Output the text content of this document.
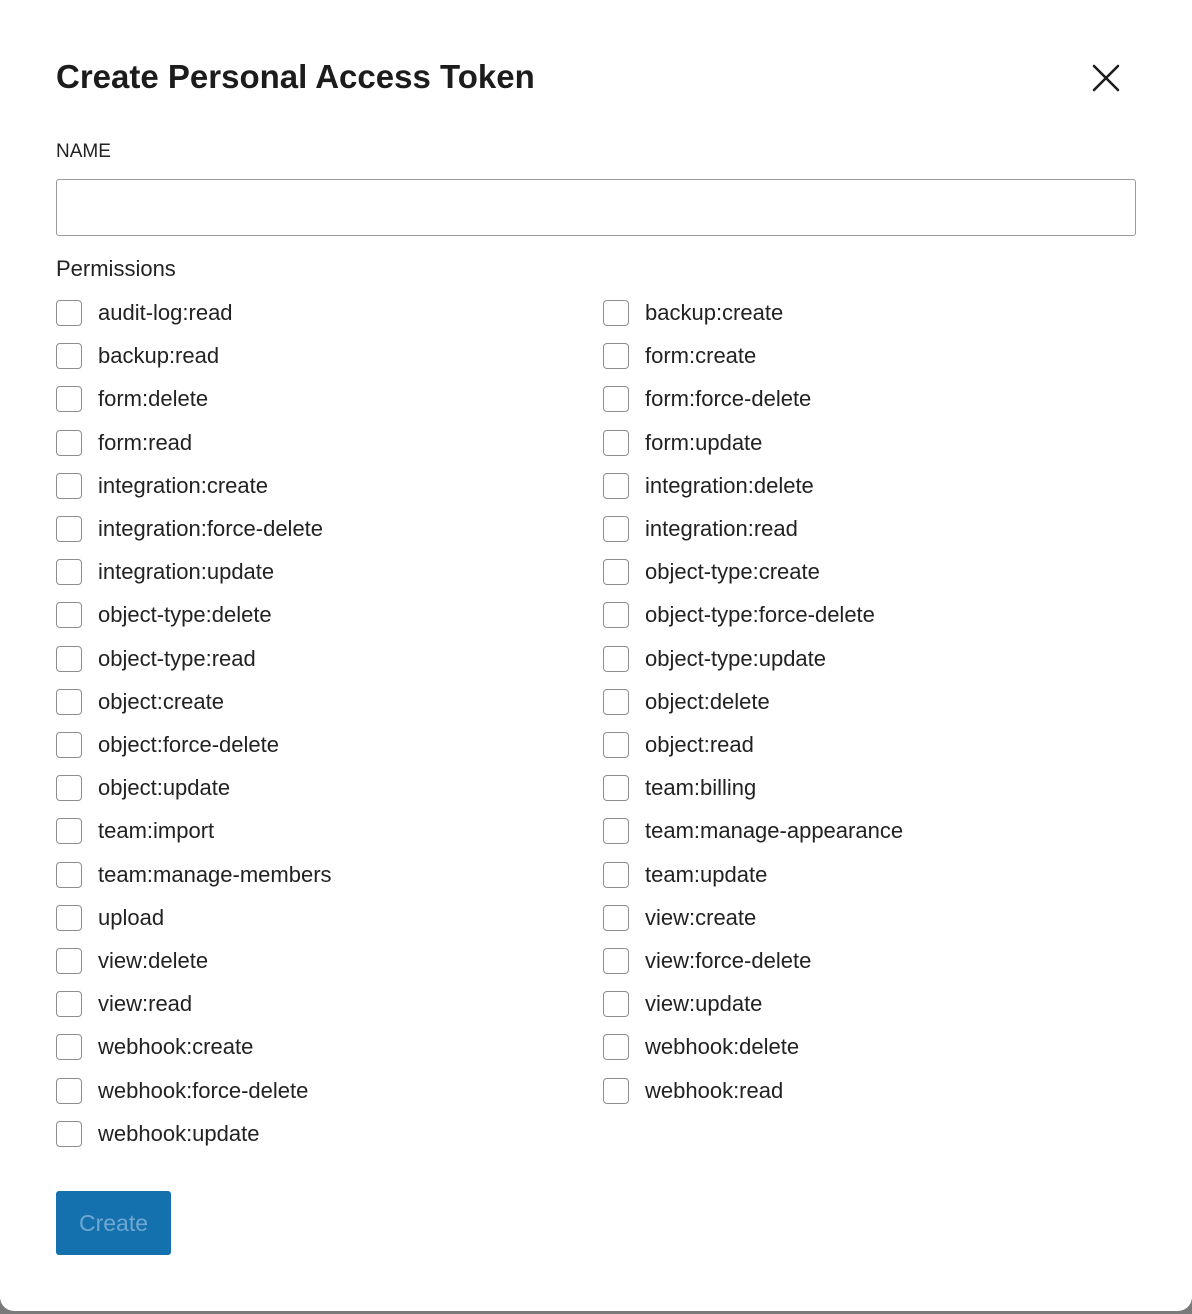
Create Personal Access Token
NAME
Permissions
audit-log:read
backup:read
form:delete
form:read
integration:create
integration:force-delete
integration:update
object-type:delete
object-type:read
object:create
object:force-delete
object:update
team:import
team:manage-members
upload
view:delete
view:read
webhook:create
webhook:force-delete
webhook:update
backup:create
form:create
form:force-delete
form:update
integration:delete
integration:read
object-type:create
object-type:force-delete
object-type:update
object:delete
object:read
team:billing
team:manage-appearance
team:update
view:create
view:force-delete
view:update
webhook:delete
webhook:read
Create
